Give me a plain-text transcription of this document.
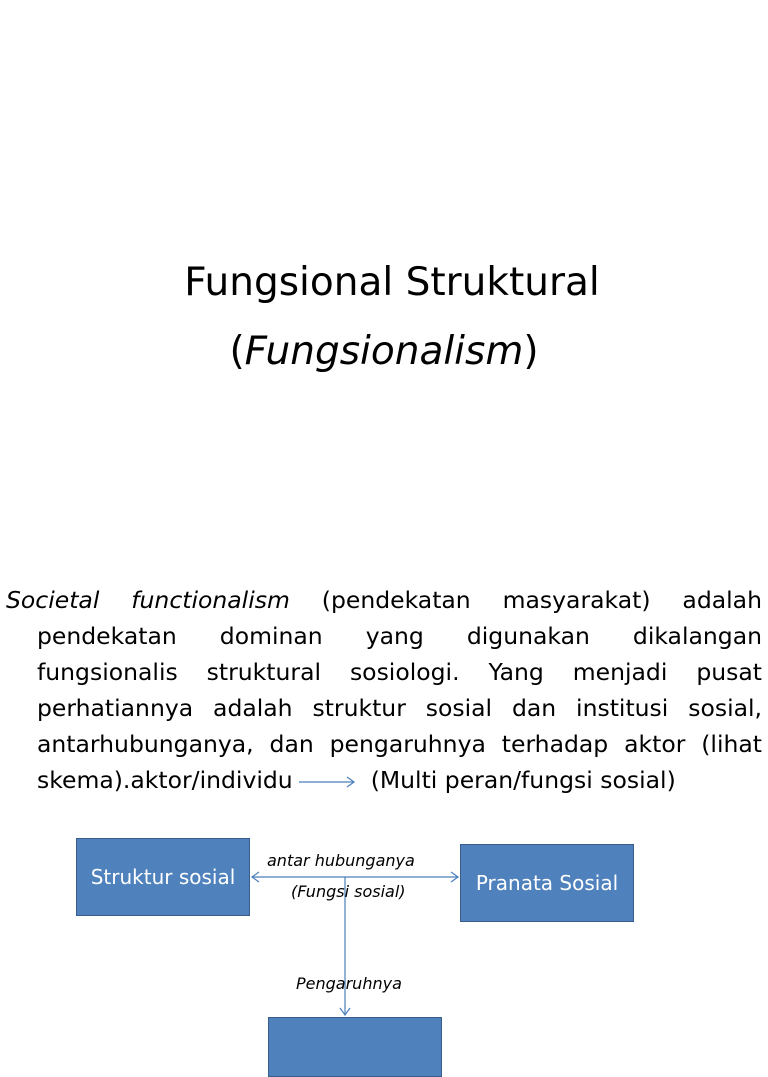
Fungsional Struktural
(Fungsionalism)
Societal functionalism (pendekatan masyarakat) adalah
pendekatan dominan yang digunakan dikalangan
fungsionalis struktural sosiologi. Yang menjadi pusat
perhatiannya adalah struktur sosial dan institusi sosial,
antarhubunganya, dan pengaruhnya terhadap aktor (lihat
skema).aktor/individu	(Multi peran/fungsi sosial)
Struktur sosial	Pranata Sosial
antar hubunganya
(Fungsi sosial)
Pengaruhnya
